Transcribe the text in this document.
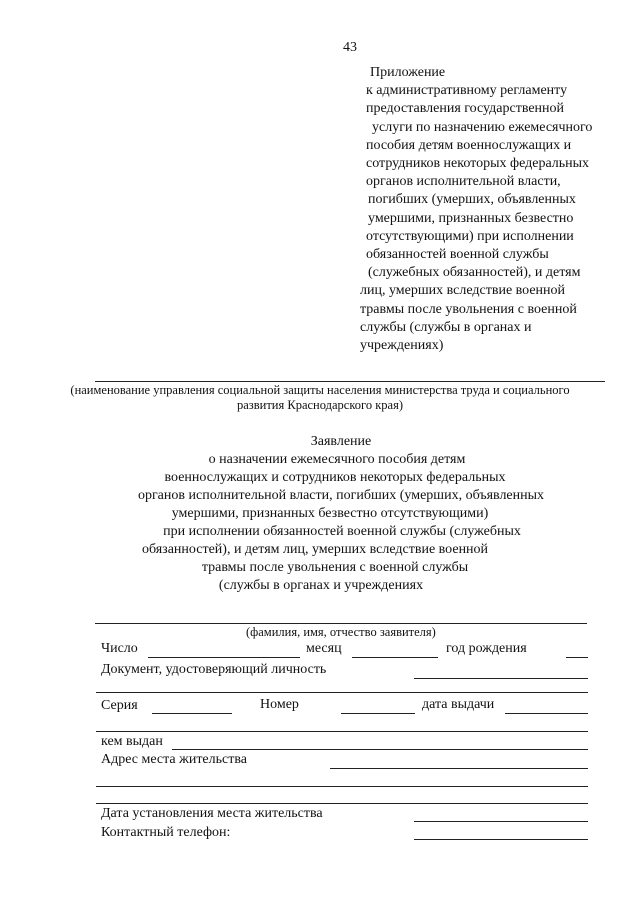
43
Приложение
к административному регламенту
предоставления государственной
услуги по назначению ежемесячного
пособия детям военнослужащих и
сотрудников некоторых федеральных
органов исполнительной власти,
погибших (умерших, объявленных
умершими, признанных безвестно
отсутствующими) при исполнении
обязанностей военной службы
(служебных обязанностей), и детям
лиц, умерших вследствие военной
травмы после увольнения с военной
службы (службы в органах и
учреждениях)
(наименование управления социальной защиты населения министерства труда и социального
развития Краснодарского края)
Заявление
о назначении ежемесячного пособия детям
военнослужащих и сотрудников некоторых федеральных
органов исполнительной власти, погибших (умерших, объявленных
умершими, признанных безвестно отсутствующими)
при исполнении обязанностей военной службы (служебных
обязанностей), и детям лиц, умерших вследствие военной
травмы после увольнения с военной службы
(службы в органах и учреждениях
(фамилия, имя, отчество заявителя)
Число	месяц	год рождения
Документ, удостоверяющий личность
Серия	Номер	дата выдачи
кем выдан
Адрес места жительства
Дата установления места жительства
Контактный телефон:
